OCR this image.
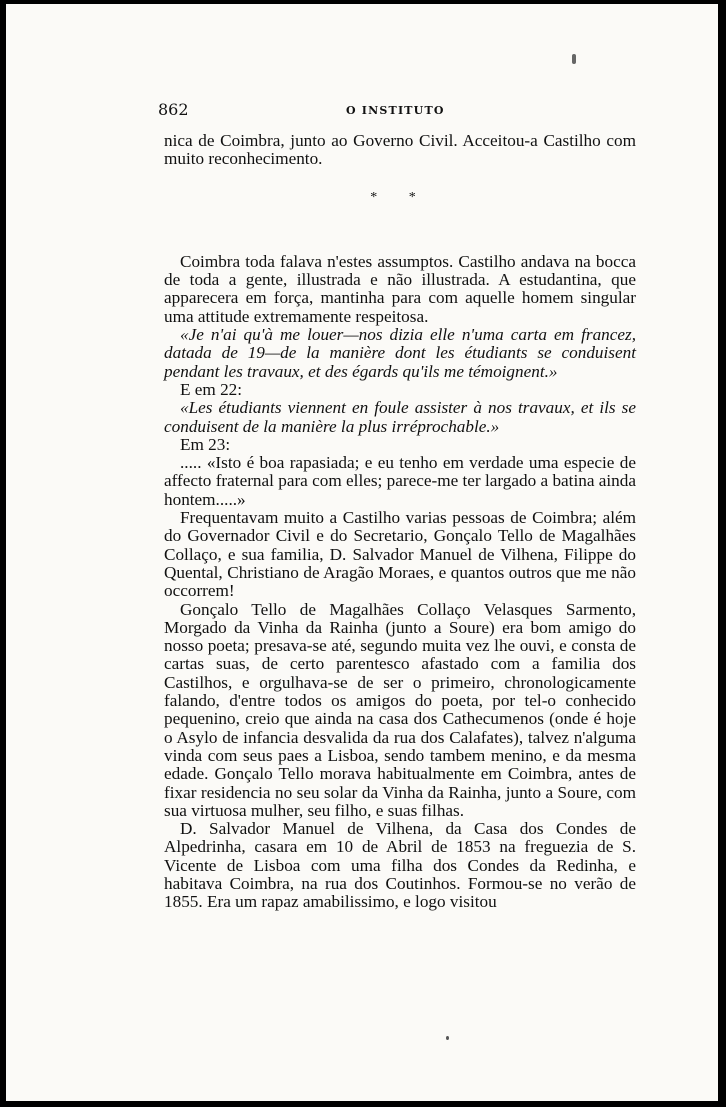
862	O INSTITUTO

nica de Coimbra, junto ao Governo Civil. Acceitou-a Castilho com muito reconhecimento.

* *

Coimbra toda falava n'estes assumptos. Castilho andava na bocca de toda a gente, illustrada e não illustrada. A estudantina, que apparecera em força, mantinha para com aquelle homem singular uma attitude extremamente respeitosa.

«Je n'ai qu'à me louer—nos dizia elle n'uma carta em francez, datada de 19—de la manière dont les étudiants se conduisent pendant les travaux, et des égards qu'ils me témoignent.»

E em 22:

«Les étudiants viennent en foule assister à nos travaux, et ils se conduisent de la manière la plus irréprochable.»

Em 23:

..... «Isto é boa rapasiada; e eu tenho em verdade uma especie de affecto fraternal para com elles; parece-me ter largado a batina ainda hontem.....»

Frequentavam muito a Castilho varias pessoas de Coimbra; além do Governador Civil e do Secretario, Gonçalo Tello de Magalhães Collaço, e sua familia, D. Salvador Manuel de Vilhena, Filippe do Quental, Christiano de Aragão Moraes, e quantos outros que me não occorrem!

Gonçalo Tello de Magalhães Collaço Velasques Sarmento, Morgado da Vinha da Rainha (junto a Soure) era bom amigo do nosso poeta; presava-se até, segundo muita vez lhe ouvi, e consta de cartas suas, de certo parentesco afastado com a familia dos Castilhos, e orgulhava-se de ser o primeiro, chronologicamente falando, d'entre todos os amigos do poeta, por tel-o conhecido pequenino, creio que ainda na casa dos Cathecumenos (onde é hoje o Asylo de infancia desvalida da rua dos Calafates), talvez n'alguma vinda com seus paes a Lisboa, sendo tambem menino, e da mesma edade. Gonçalo Tello morava habitualmente em Coimbra, antes de fixar residencia no seu solar da Vinha da Rainha, junto a Soure, com sua virtuosa mulher, seu filho, e suas filhas.

D. Salvador Manuel de Vilhena, da Casa dos Condes de Alpedrinha, casara em 10 de Abril de 1853 na freguezia de S. Vicente de Lisboa com uma filha dos Condes da Redinha, e habitava Coimbra, na rua dos Coutinhos. Formou-se no verão de 1855. Era um rapaz amabilissimo, e logo visitou
